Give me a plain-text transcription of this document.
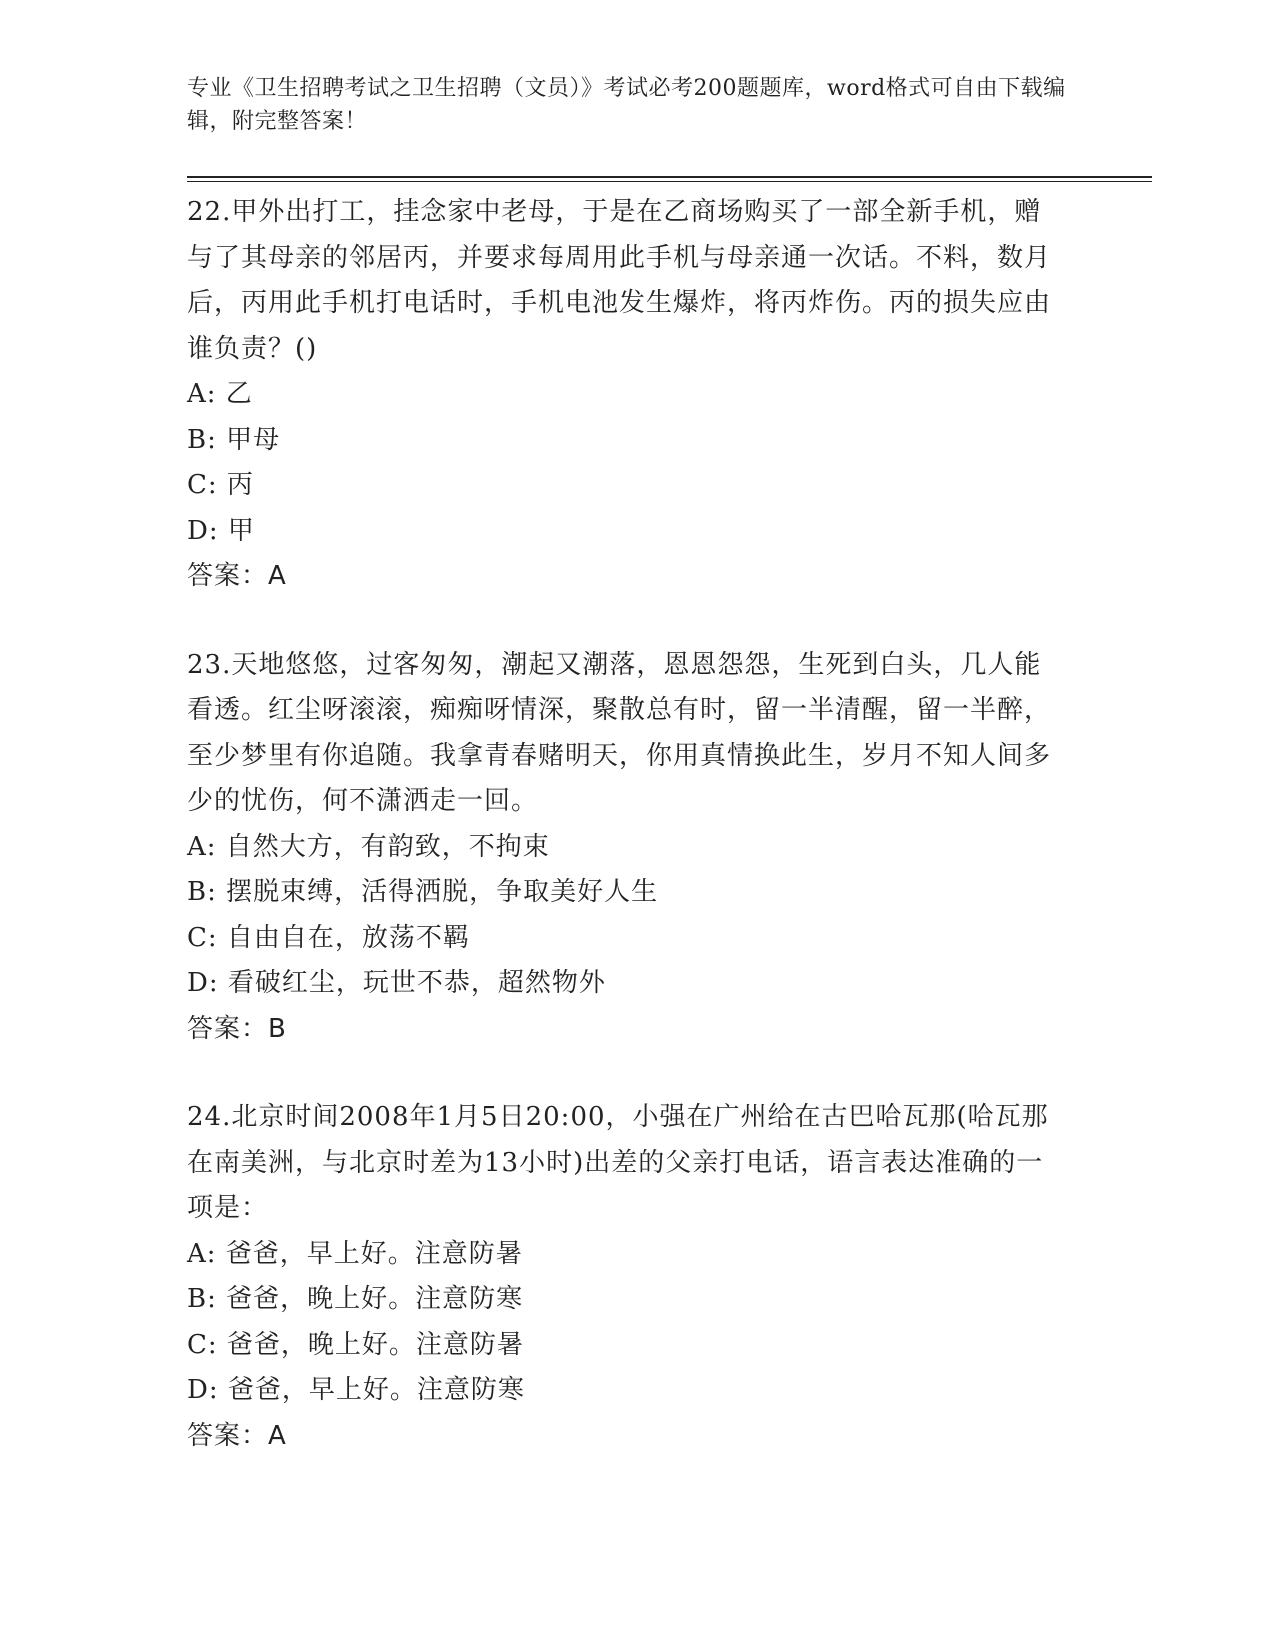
专业《卫生招聘考试之卫生招聘（文员）》考试必考200题题库，word格式可自由下载编辑，附完整答案！

22.甲外出打工，挂念家中老母，于是在乙商场购买了一部全新手机，赠与了其母亲的邻居丙，并要求每周用此手机与母亲通一次话。不料，数月后，丙用此手机打电话时，手机电池发生爆炸，将丙炸伤。丙的损失应由谁负责？()

A: 乙

B: 甲母

C: 丙

D: 甲

答案：A

23.天地悠悠，过客匆匆，潮起又潮落，恩恩怨怨，生死到白头，几人能看透。红尘呀滚滚，痴痴呀情深，聚散总有时，留一半清醒，留一半醉，至少梦里有你追随。我拿青春赌明天，你用真情换此生，岁月不知人间多少的忧伤，何不潇洒走一回。

A: 自然大方，有韵致，不拘束

B: 摆脱束缚，活得洒脱，争取美好人生

C: 自由自在，放荡不羁

D: 看破红尘，玩世不恭，超然物外

答案：B

24.北京时间2008年1月5日20:00，小强在广州给在古巴哈瓦那(哈瓦那在南美洲，与北京时差为13小时)出差的父亲打电话，语言表达准确的一项是：

A: 爸爸，早上好。注意防暑

B: 爸爸，晚上好。注意防寒

C: 爸爸，晚上好。注意防暑

D: 爸爸，早上好。注意防寒

答案：A
